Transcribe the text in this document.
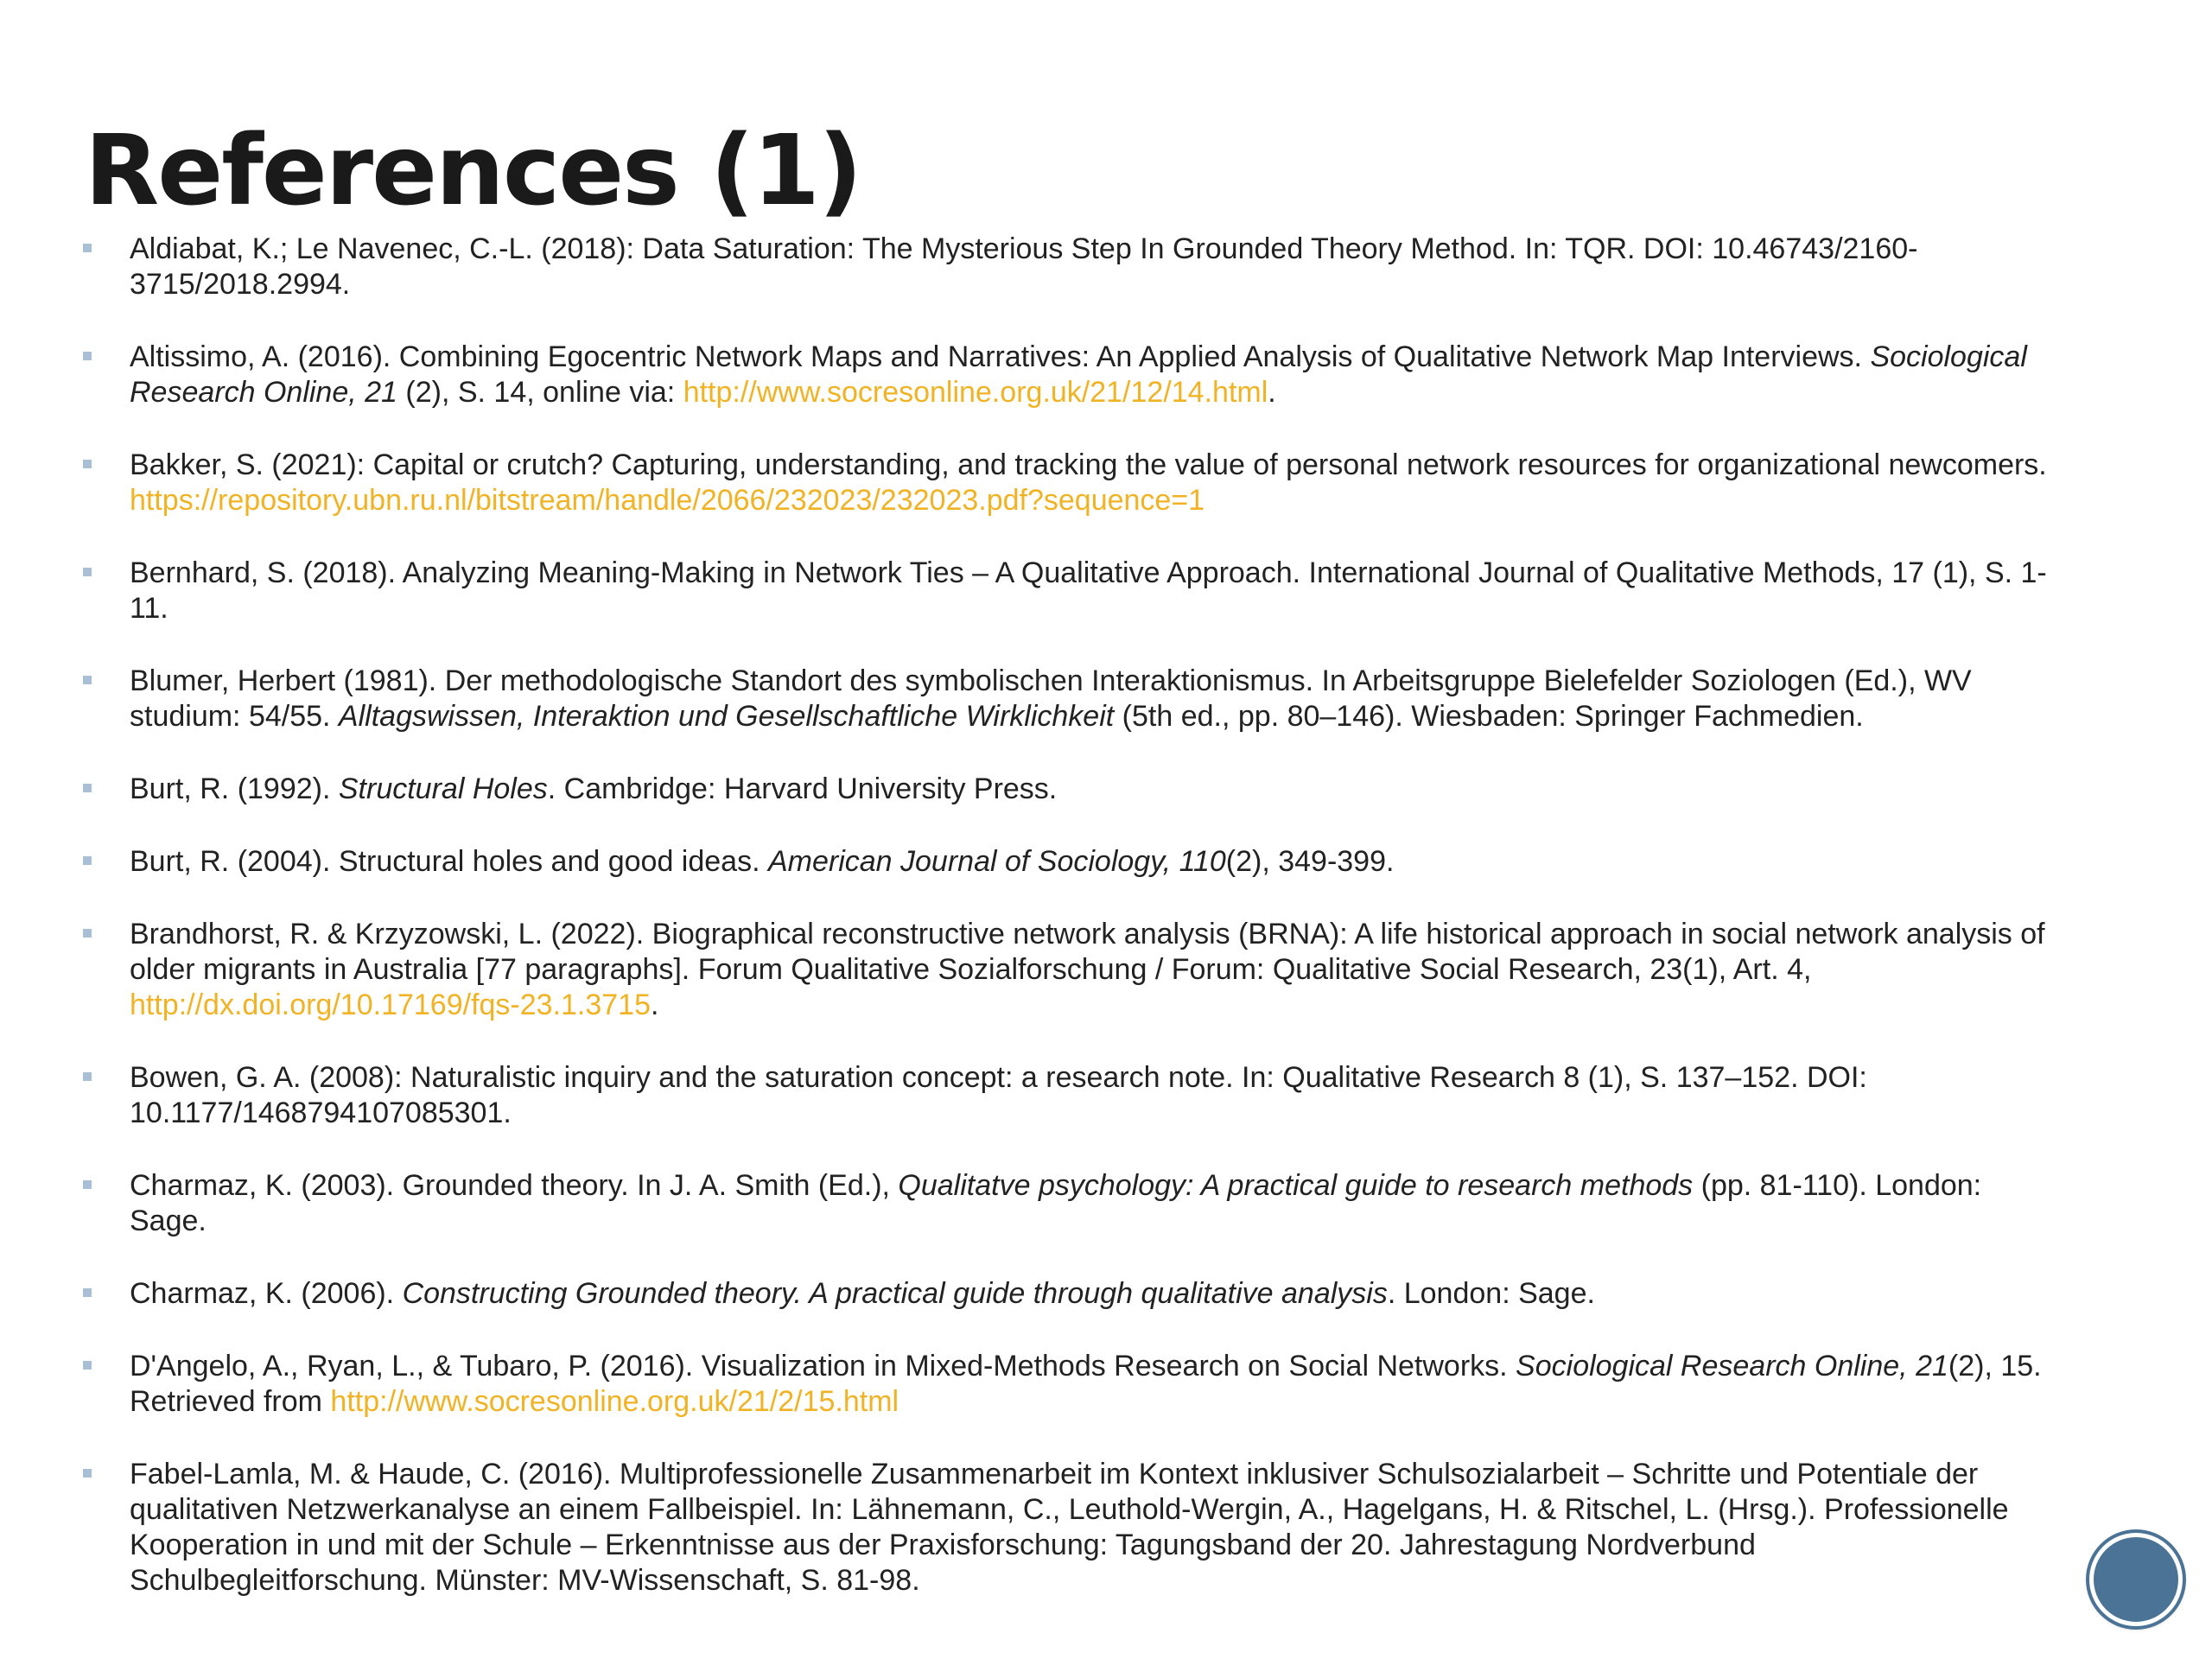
References (1)
Aldiabat, K.; Le Navenec, C.-L. (2018): Data Saturation: The Mysterious Step In Grounded Theory Method. In: TQR. DOI: 10.46743/2160-3715/2018.2994.
Altissimo, A. (2016). Combining Egocentric Network Maps and Narratives: An Applied Analysis of Qualitative Network Map Interviews. Sociological Research Online, 21 (2), S. 14, online via: http://www.socresonline.org.uk/21/12/14.html.
Bakker, S. (2021): Capital or crutch? Capturing, understanding, and tracking the value of personal network resources for organizational newcomers. https://repository.ubn.ru.nl/bitstream/handle/2066/232023/232023.pdf?sequence=1
Bernhard, S. (2018). Analyzing Meaning-Making in Network Ties – A Qualitative Approach. International Journal of Qualitative Methods, 17 (1), S. 1-11.
Blumer, Herbert (1981). Der methodologische Standort des symbolischen Interaktionismus. In Arbeitsgruppe Bielefelder Soziologen (Ed.), WV studium: 54/55. Alltagswissen, Interaktion und Gesellschaftliche Wirklichkeit (5th ed., pp. 80–146). Wiesbaden: Springer Fachmedien.
Burt, R. (1992). Structural Holes. Cambridge: Harvard University Press.
Burt, R. (2004). Structural holes and good ideas. American Journal of Sociology, 110(2), 349-399.
Brandhorst, R. & Krzyzowski, L. (2022). Biographical reconstructive network analysis (BRNA): A life historical approach in social network analysis of older migrants in Australia [77 paragraphs]. Forum Qualitative Sozialforschung / Forum: Qualitative Social Research, 23(1), Art. 4, http://dx.doi.org/10.17169/fqs-23.1.3715.
Bowen, G. A. (2008): Naturalistic inquiry and the saturation concept: a research note. In: Qualitative Research 8 (1), S. 137–152. DOI: 10.1177/1468794107085301.
Charmaz, K. (2003). Grounded theory. In J. A. Smith (Ed.), Qualitatve psychology: A practical guide to research methods (pp. 81-110). London: Sage.
Charmaz, K. (2006). Constructing Grounded theory. A practical guide through qualitative analysis. London: Sage.
D'Angelo, A., Ryan, L., & Tubaro, P. (2016). Visualization in Mixed-Methods Research on Social Networks. Sociological Research Online, 21(2), 15. Retrieved from http://www.socresonline.org.uk/21/2/15.html
Fabel-Lamla, M. & Haude, C. (2016). Multiprofessionelle Zusammenarbeit im Kontext inklusiver Schulsozialarbeit – Schritte und Potentiale der qualitativen Netzwerkanalyse an einem Fallbeispiel. In: Lähnemann, C., Leuthold-Wergin, A., Hagelgans, H. & Ritschel, L. (Hrsg.). Professionelle Kooperation in und mit der Schule – Erkenntnisse aus der Praxisforschung: Tagungsband der 20. Jahrestagung Nordverbund Schulbegleitforschung. Münster: MV-Wissenschaft, S. 81-98.
